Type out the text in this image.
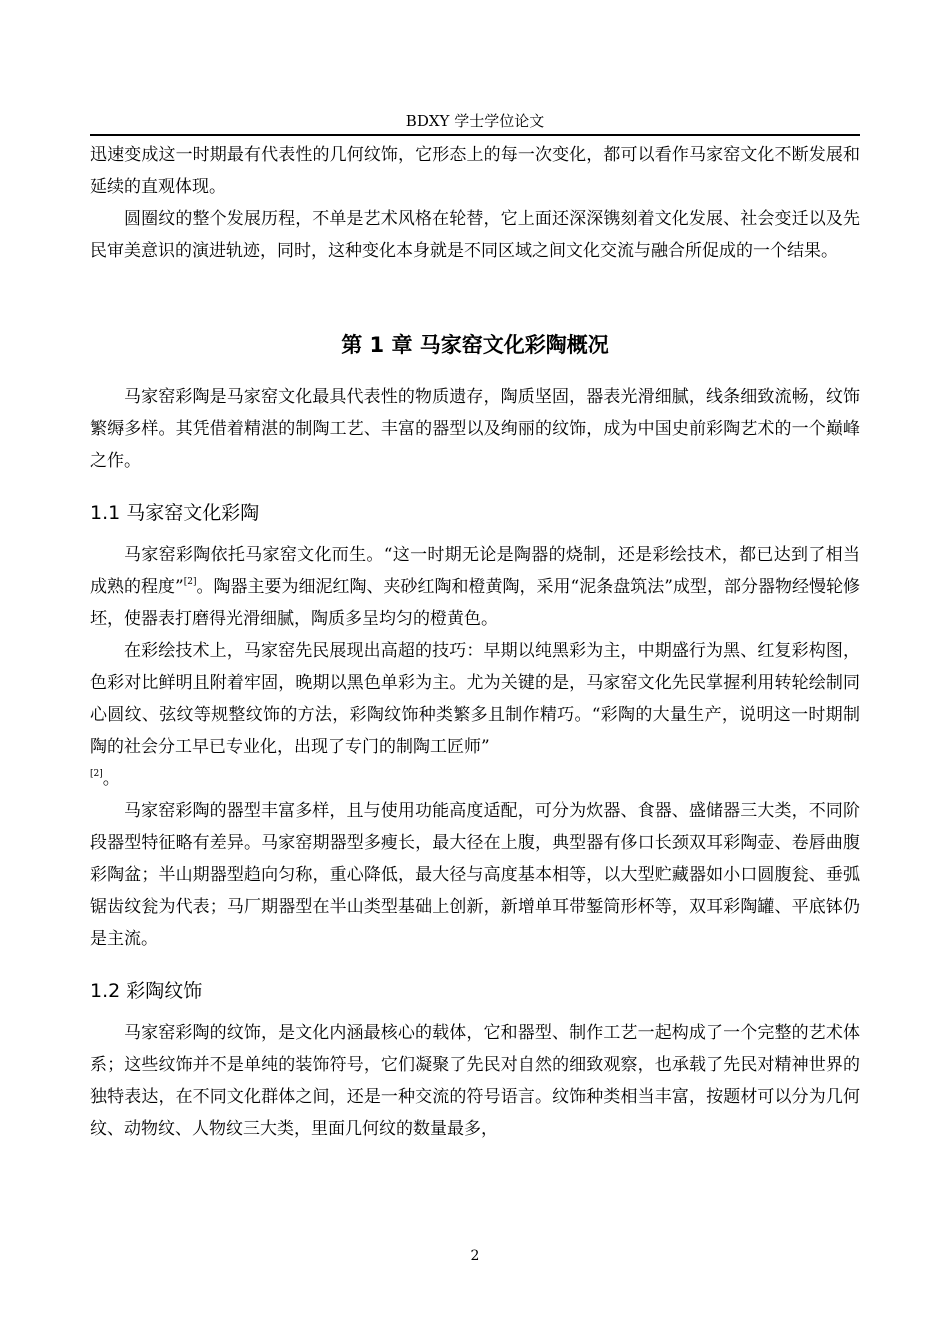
BDXY 学士学位论文

迅速变成这一时期最有代表性的几何纹饰，它形态上的每一次变化，都可以看作马家窑文化不断发展和延续的直观体现。

圆圈纹的整个发展历程，不单是艺术风格在轮替，它上面还深深镌刻着文化发展、社会变迁以及先民审美意识的演进轨迹，同时，这种变化本身就是不同区域之间文化交流与融合所促成的一个结果。

第 1 章 马家窑文化彩陶概况

马家窑彩陶是马家窑文化最具代表性的物质遗存，陶质坚固，器表光滑细腻，线条细致流畅，纹饰繁缛多样。其凭借着精湛的制陶工艺、丰富的器型以及绚丽的纹饰，成为中国史前彩陶艺术的一个巅峰之作。

1.1 马家窑文化彩陶

马家窑彩陶依托马家窑文化而生。“这一时期无论是陶器的烧制，还是彩绘技术，都已达到了相当成熟的程度”[2]。陶器主要为细泥红陶、夹砂红陶和橙黄陶，采用“泥条盘筑法”成型，部分器物经慢轮修坯，使器表打磨得光滑细腻，陶质多呈均匀的橙黄色。

在彩绘技术上，马家窑先民展现出高超的技巧：早期以纯黑彩为主，中期盛行为黑、红复彩构图，色彩对比鲜明且附着牢固，晚期以黑色单彩为主。尤为关键的是，马家窑文化先民掌握利用转轮绘制同心圆纹、弦纹等规整纹饰的方法，彩陶纹饰种类繁多且制作精巧。“彩陶的大量生产，说明这一时期制陶的社会分工早已专业化，出现了专门的制陶工匠师”
[2]。

马家窑彩陶的器型丰富多样，且与使用功能高度适配，可分为炊器、食器、盛储器三大类，不同阶段器型特征略有差异。马家窑期器型多瘦长，最大径在上腹，典型器有侈口长颈双耳彩陶壶、卷唇曲腹彩陶盆；半山期器型趋向匀称，重心降低，最大径与高度基本相等，以大型贮藏器如小口圆腹瓮、垂弧锯齿纹瓮为代表；马厂期器型在半山类型基础上创新，新增单耳带錾筒形杯等，双耳彩陶罐、平底钵仍是主流。

1.2 彩陶纹饰

马家窑彩陶的纹饰，是文化内涵最核心的载体，它和器型、制作工艺一起构成了一个完整的艺术体系；这些纹饰并不是单纯的装饰符号，它们凝聚了先民对自然的细致观察，也承载了先民对精神世界的独特表达，在不同文化群体之间，还是一种交流的符号语言。纹饰种类相当丰富，按题材可以分为几何纹、动物纹、人物纹三大类，里面几何纹的数量最多，

2
